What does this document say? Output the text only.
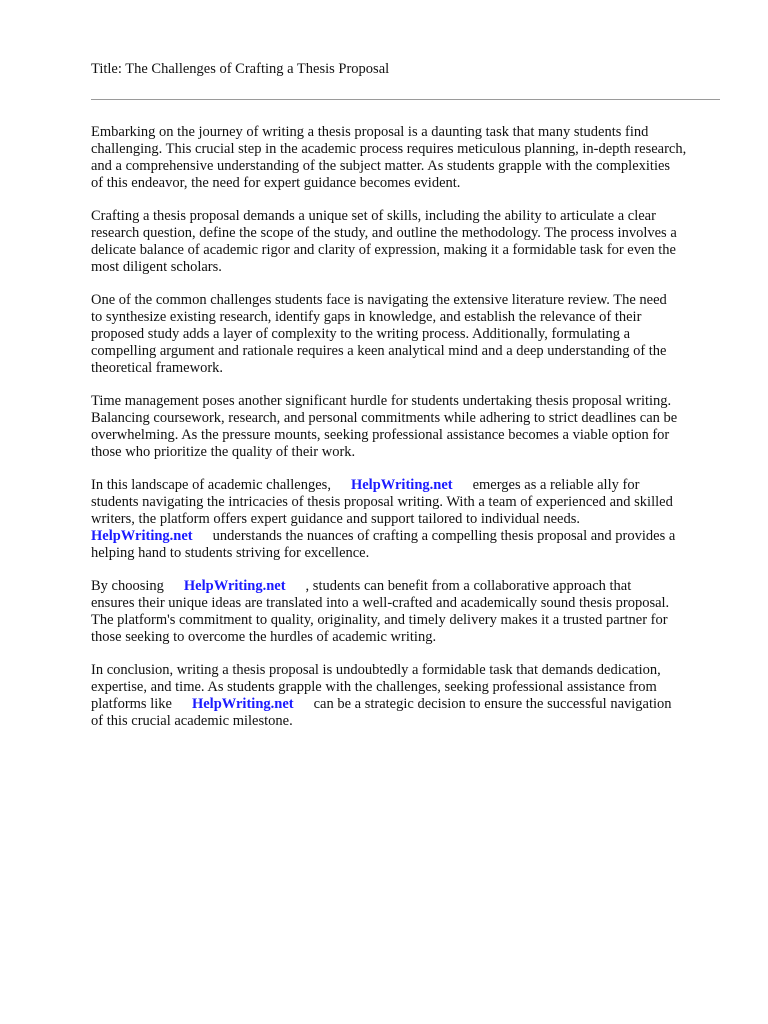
Title: The Challenges of Crafting a Thesis Proposal

Embarking on the journey of writing a thesis proposal is a daunting task that many students find
challenging. This crucial step in the academic process requires meticulous planning, in-depth research,
and a comprehensive understanding of the subject matter. As students grapple with the complexities
of this endeavor, the need for expert guidance becomes evident.

Crafting a thesis proposal demands a unique set of skills, including the ability to articulate a clear
research question, define the scope of the study, and outline the methodology. The process involves a
delicate balance of academic rigor and clarity of expression, making it a formidable task for even the
most diligent scholars.

One of the common challenges students face is navigating the extensive literature review. The need
to synthesize existing research, identify gaps in knowledge, and establish the relevance of their
proposed study adds a layer of complexity to the writing process. Additionally, formulating a
compelling argument and rationale requires a keen analytical mind and a deep understanding of the
theoretical framework.

Time management poses another significant hurdle for students undertaking thesis proposal writing.
Balancing coursework, research, and personal commitments while adhering to strict deadlines can be
overwhelming. As the pressure mounts, seeking professional assistance becomes a viable option for
those who prioritize the quality of their work.

In this landscape of academic challenges, HelpWriting.net emerges as a reliable ally for
students navigating the intricacies of thesis proposal writing. With a team of experienced and skilled
writers, the platform offers expert guidance and support tailored to individual needs.
HelpWriting.net understands the nuances of crafting a compelling thesis proposal and provides a
helping hand to students striving for excellence.

By choosing HelpWriting.net , students can benefit from a collaborative approach that
ensures their unique ideas are translated into a well-crafted and academically sound thesis proposal.
The platform's commitment to quality, originality, and timely delivery makes it a trusted partner for
those seeking to overcome the hurdles of academic writing.

In conclusion, writing a thesis proposal is undoubtedly a formidable task that demands dedication,
expertise, and time. As students grapple with the challenges, seeking professional assistance from
platforms like HelpWriting.net can be a strategic decision to ensure the successful navigation
of this crucial academic milestone.
